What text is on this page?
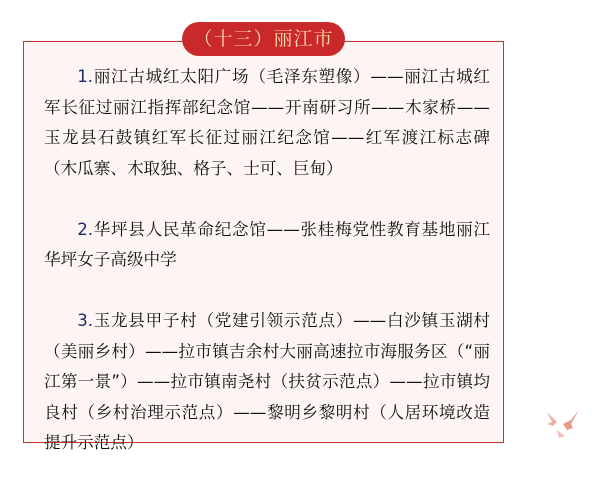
（十三）丽江市

1.丽江古城红太阳广场（毛泽东塑像）——丽江古城红军长征过丽江指挥部纪念馆——开南研习所——木家桥——玉龙县石鼓镇红军长征过丽江纪念馆——红军渡江标志碑（木瓜寨、木取独、格子、士可、巨甸）

2.华坪县人民革命纪念馆——张桂梅党性教育基地丽江华坪女子高级中学

3.玉龙县甲子村（党建引领示范点）——白沙镇玉湖村（美丽乡村）——拉市镇吉余村大丽高速拉市海服务区（“丽江第一景”）——拉市镇南尧村（扶贫示范点）——拉市镇均良村（乡村治理示范点）——黎明乡黎明村（人居环境改造提升示范点）
